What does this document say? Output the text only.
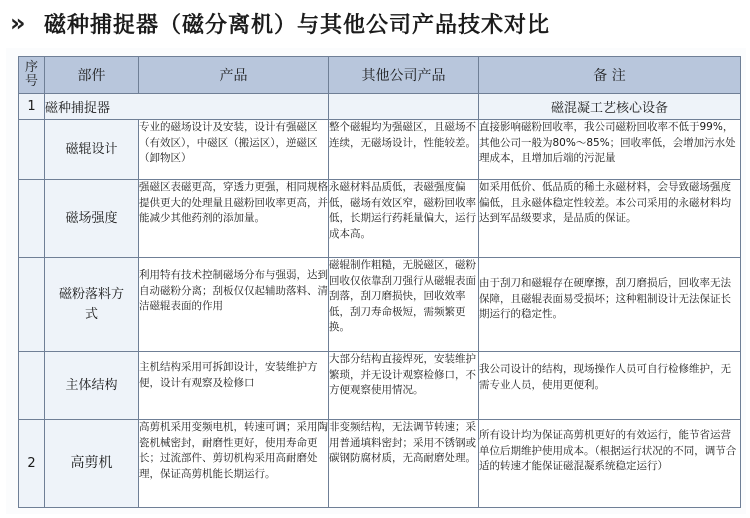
»	磁种捕捉器（磁分离机）与其他公司产品技术对比
序号	部件	产品	其他公司产品	备 注
1	磁种捕捉器			磁混凝工艺核心设备
	磁辊设计	专业的磁场设计及安装，设计有强磁区（有效区），中磁区（搬运区），逆磁区（卸物区）	整个磁辊均为强磁区，且磁场不连续，无磁场设计，性能较差。	直接影响磁粉回收率，我公司磁粉回收率不低于99%，其他公司一般为80%～85%；回收率低，会增加污水处理成本，且增加后端的污泥量
	磁场强度	强磁区表磁更高，穿透力更强，相同规格提供更大的处理量且磁粉回收率更高，并能减少其他药剂的添加量。	永磁材料品质低，表磁强度偏低，磁场有效区窄，磁粉回收率低，长期运行药耗量偏大，运行成本高。	如采用低价、低品质的稀土永磁材料，会导致磁场强度偏低，且永磁体稳定性较差。本公司采用的永磁材料均达到军品级要求，是品质的保证。
	磁粉落料方式	利用特有技术控制磁场分布与强弱，达到自动磁粉分离；刮板仅仅起辅助落料、清洁磁辊表面的作用	磁辊制作粗糙，无脱磁区，磁粉回收仅依靠刮刀强行从磁辊表面刮落，刮刀磨损快，回收效率低，刮刀寿命极短，需频繁更换。	由于刮刀和磁辊存在硬摩擦，刮刀磨损后，回收率无法保障，且磁辊表面易受损坏；这种粗制设计无法保证长期运行的稳定性。
	主体结构	主机结构采用可拆卸设计，安装维护方便，设计有观察及检修口	大部分结构直接焊死，安装维护繁琐，并无设计观察检修口，不方便观察使用情况。	我公司设计的结构，现场操作人员可自行检修维护，无需专业人员，使用更便利。
2	高剪机	高剪机采用变频电机，转速可调；采用陶瓷机械密封，耐磨性更好，使用寿命更长；过流部件、剪切机构采用高耐磨处理，保证高剪机能长期运行。	非变频结构，无法调节转速；采用普通填料密封；采用不锈钢或碳钢防腐材质，无高耐磨处理。	所有设计均为保证高剪机更好的有效运行，能节省运营单位后期维护使用成本。（根据运行状况的不同，调节合适的转速才能保证磁混凝系统稳定运行）
